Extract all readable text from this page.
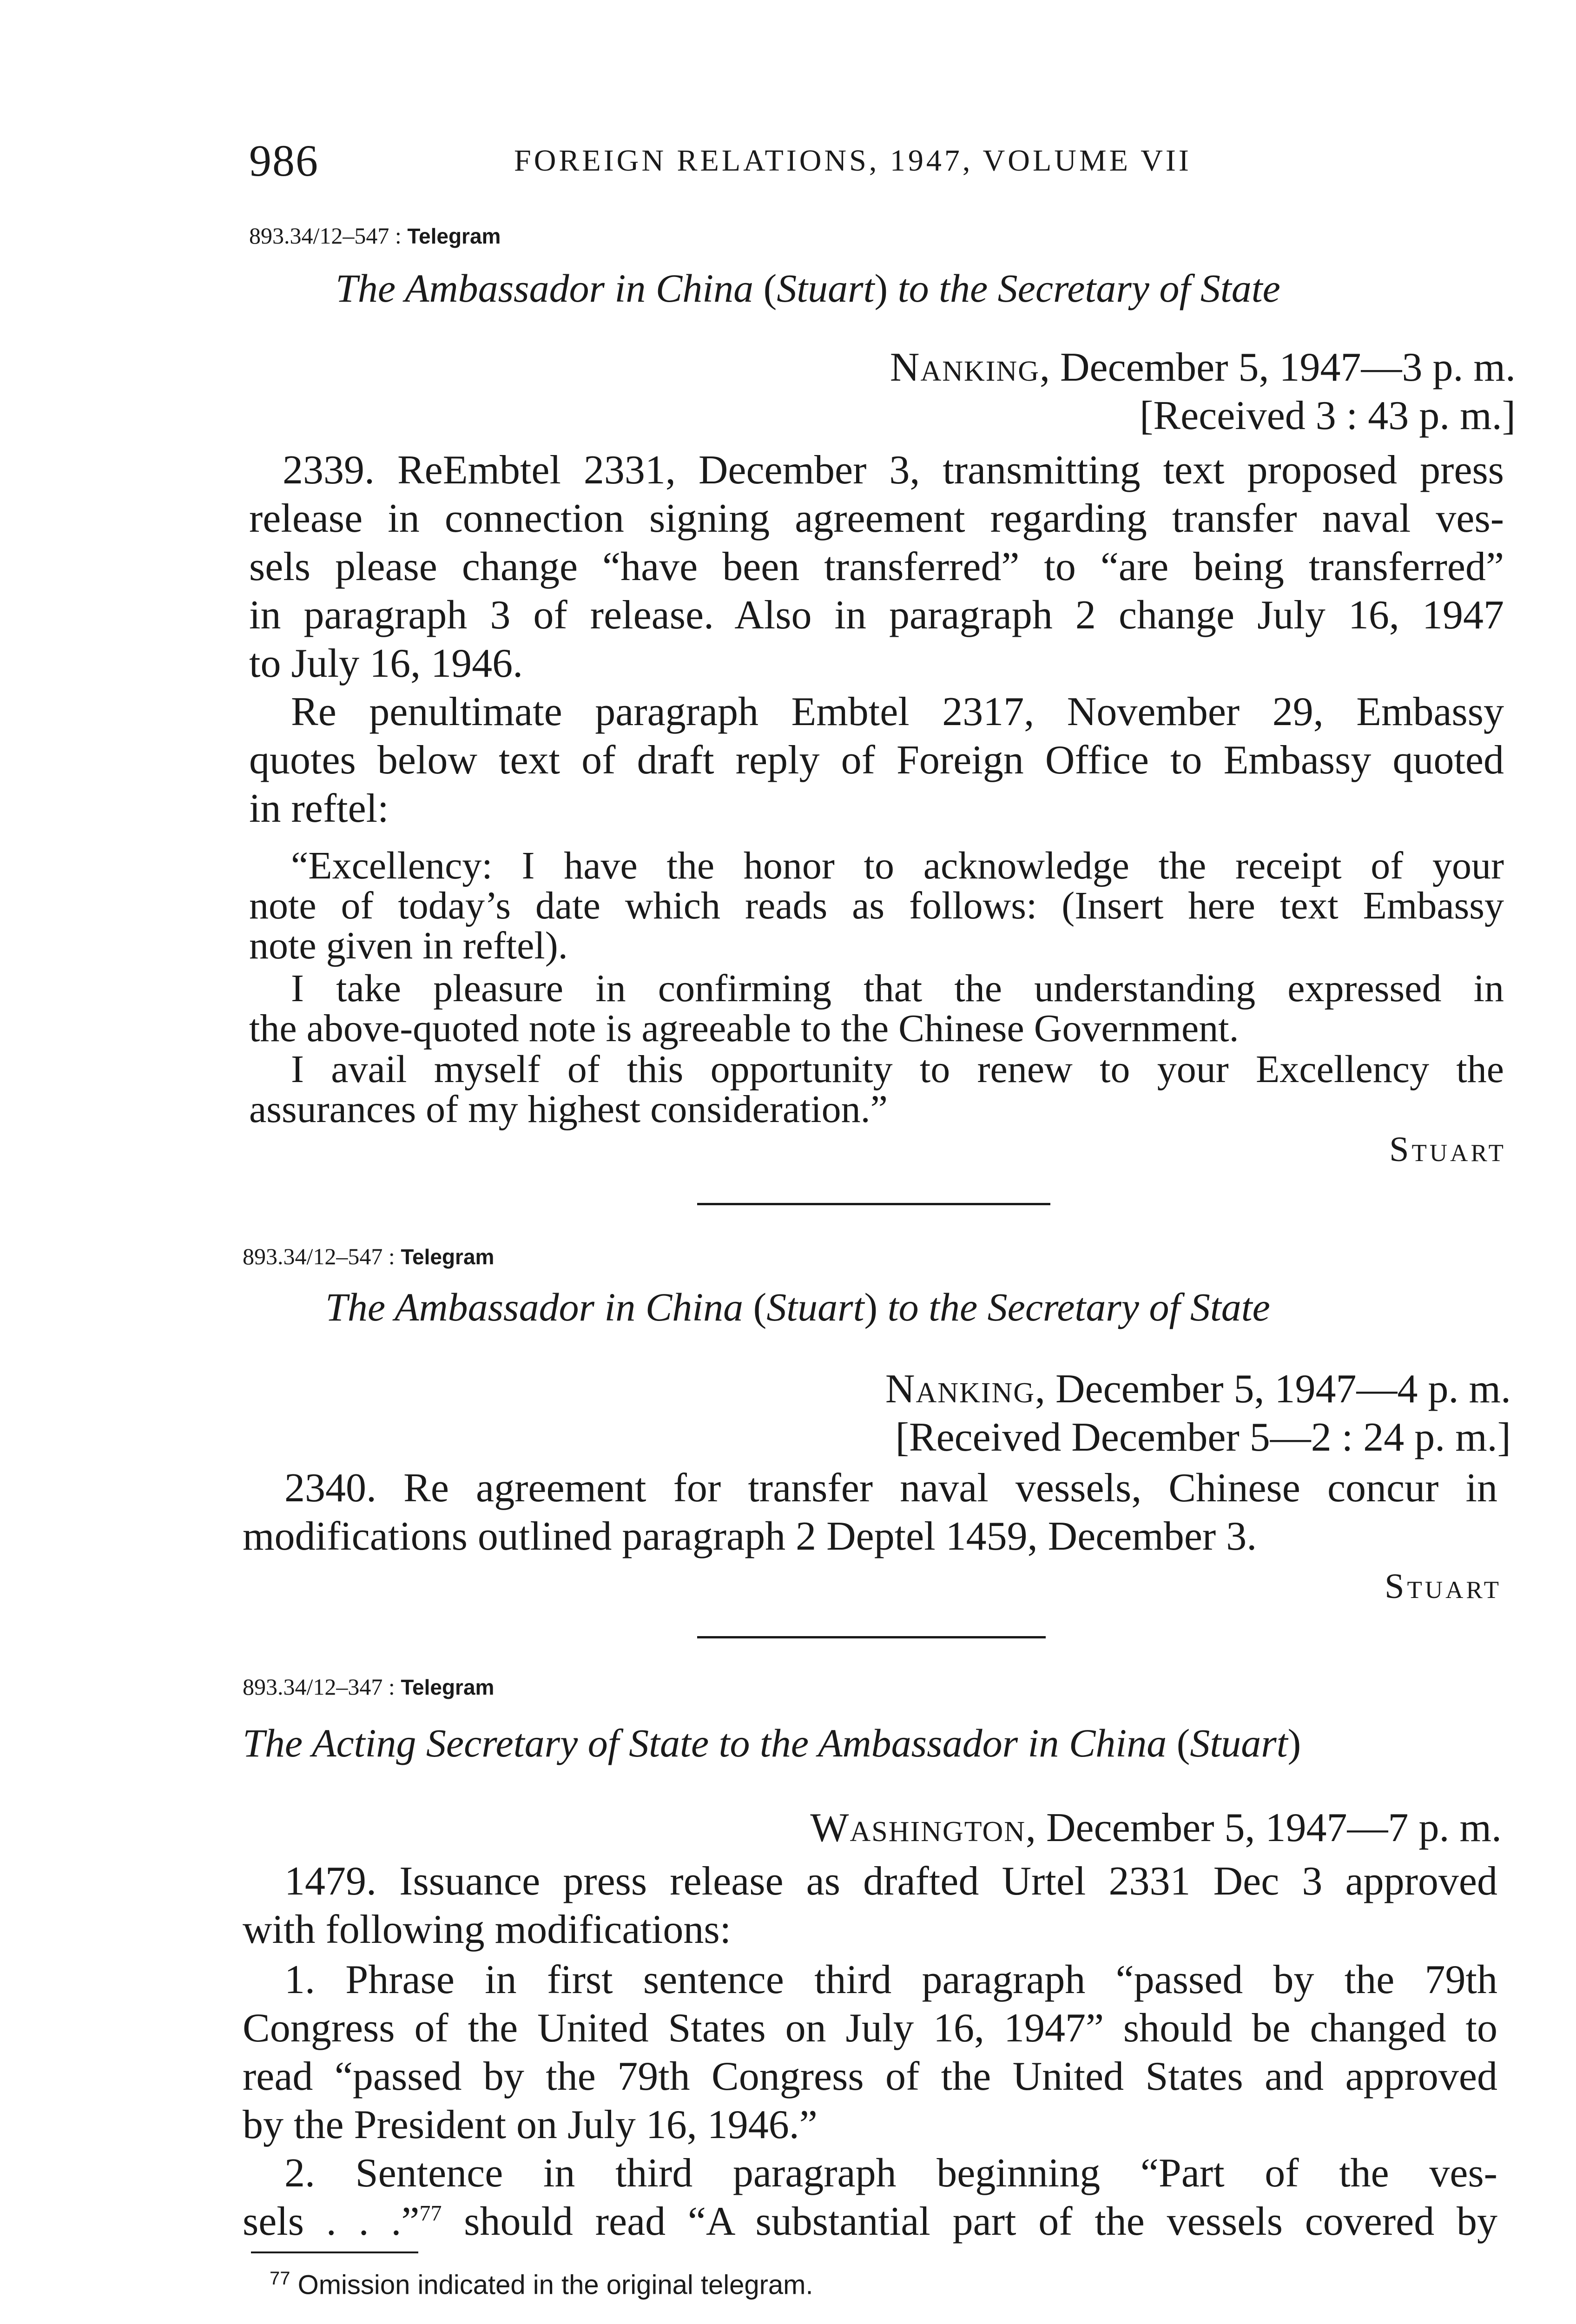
986	FOREIGN RELATIONS, 1947, VOLUME VII
893.34/12–547 : Telegram
The Ambassador in China (Stuart) to the Secretary of State
Nanking, December 5, 1947—3 p. m.
[Received 3 : 43 p. m.]
2339. ReEmbtel 2331, December 3, transmitting text proposed press
release in connection signing agreement regarding transfer naval ves-
sels please change “have been transferred” to “are being transferred”
in paragraph 3 of release. Also in paragraph 2 change July 16, 1947
to July 16, 1946.
Re penultimate paragraph Embtel 2317, November 29, Embassy
quotes below text of draft reply of Foreign Office to Embassy quoted
in reftel:
“Excellency: I have the honor to acknowledge the receipt of your
note of today’s date which reads as follows: (Insert here text Embassy
note given in reftel).
I take pleasure in confirming that the understanding expressed in
the above-quoted note is agreeable to the Chinese Government.
I avail myself of this opportunity to renew to your Excellency the
assurances of my highest consideration.”
Stuart
893.34/12–547 : Telegram
The Ambassador in China (Stuart) to the Secretary of State
Nanking, December 5, 1947—4 p. m.
[Received December 5—2 : 24 p. m.]
2340. Re agreement for transfer naval vessels, Chinese concur in
modifications outlined paragraph 2 Deptel 1459, December 3.
Stuart
893.34/12–347 : Telegram
The Acting Secretary of State to the Ambassador in China (Stuart)
Washington, December 5, 1947—7 p. m.
1479. Issuance press release as drafted Urtel 2331 Dec 3 approved
with following modifications:
1. Phrase in first sentence third paragraph “passed by the 79th
Congress of the United States on July 16, 1947” should be changed to
read “passed by the 79th Congress of the United States and approved
by the President on July 16, 1946.”
2. Sentence in third paragraph beginning “Part of the ves-
sels . . .”$^{77}$ should read “A substantial part of the vessels covered by
$^{77}$ Omission indicated in the original telegram.
